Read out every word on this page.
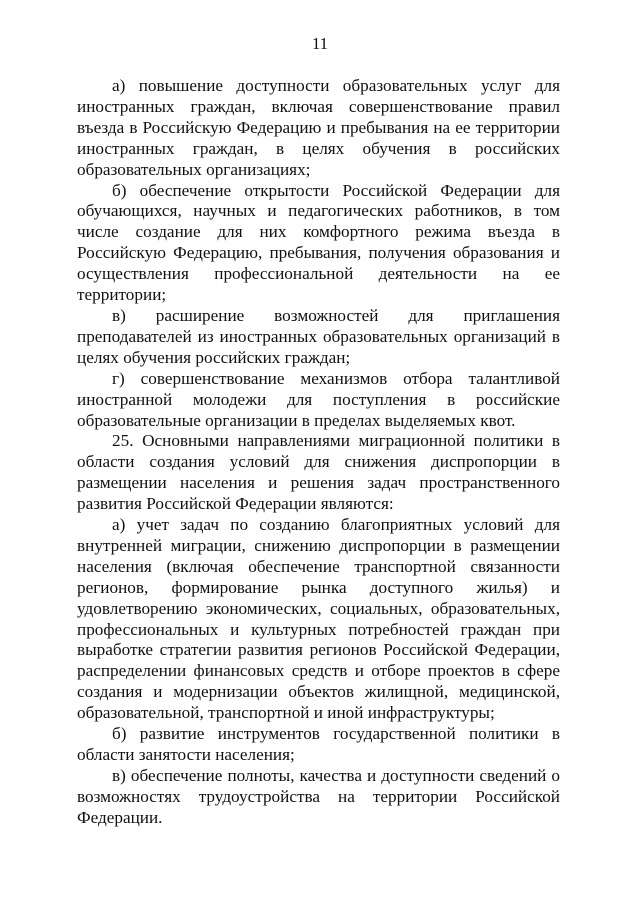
11

а) повышение доступности образовательных услуг для иностранных граждан, включая совершенствование правил въезда в Российскую Федерацию и пребывания на ее территории иностранных граждан, в целях обучения в российских образовательных организациях;

б) обеспечение открытости Российской Федерации для обучающихся, научных и педагогических работников, в том числе создание для них комфортного режима въезда в Российскую Федерацию, пребывания, получения образования и осуществления профессиональной деятельности на ее территории;

в) расширение возможностей для приглашения преподавателей из иностранных образовательных организаций в целях обучения российских граждан;

г) совершенствование механизмов отбора талантливой иностранной молодежи для поступления в российские образовательные организации в пределах выделяемых квот.

25. Основными направлениями миграционной политики в области создания условий для снижения диспропорции в размещении населения и решения задач пространственного развития Российской Федерации являются:

а) учет задач по созданию благоприятных условий для внутренней миграции, снижению диспропорции в размещении населения (включая обеспечение транспортной связанности регионов, формирование рынка доступного жилья) и удовлетворению экономических, социальных, образовательных, профессиональных и культурных потребностей граждан при выработке стратегии развития регионов Российской Федерации, распределении финансовых средств и отборе проектов в сфере создания и модернизации объектов жилищной, медицинской, образовательной, транспортной и иной инфраструктуры;

б) развитие инструментов государственной политики в области занятости населения;

в) обеспечение полноты, качества и доступности сведений о возможностях трудоустройства на территории Российской Федерации.
